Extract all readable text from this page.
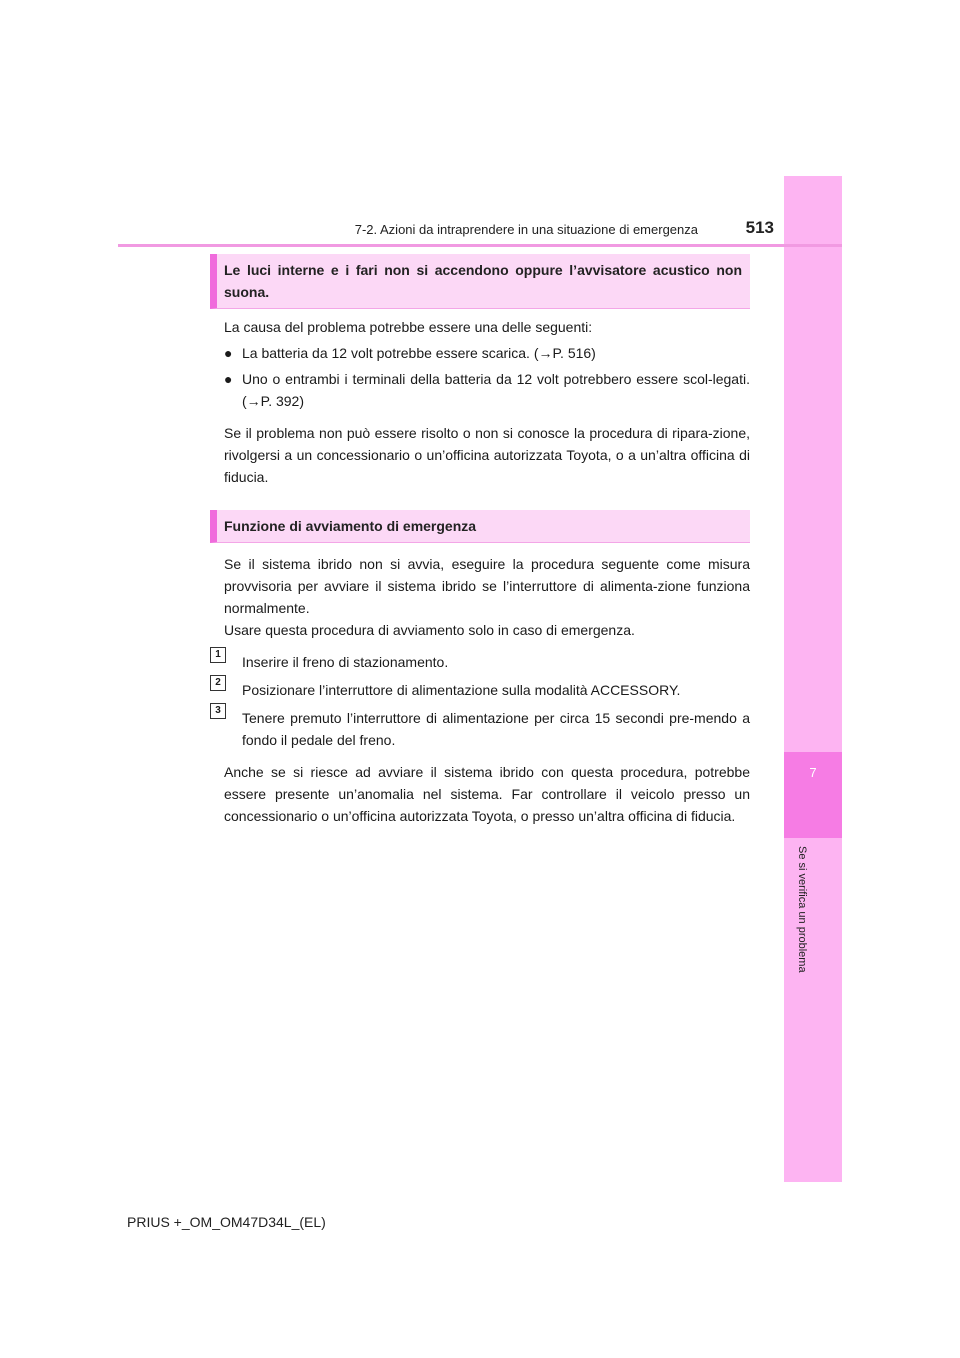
7
Se si verifica un problema
7-2. Azioni da intraprendere in una situazione di emergenza	513
Le luci interne e i fari non si accendono oppure l’avvisatore acustico non suona.

La causa del problema potrebbe essere una delle seguenti:

● La batteria da 12 volt potrebbe essere scarica. (→P. 516)
● Uno o entrambi i terminali della batteria da 12 volt potrebbero essere scol-legati. (→P. 392)

Se il problema non può essere risolto o non si conosce la procedura di ripara-zione, rivolgersi a un concessionario o un’officina autorizzata Toyota, o a un’altra officina di fiducia.

Funzione di avviamento di emergenza

Se il sistema ibrido non si avvia, eseguire la procedura seguente come misura provvisoria per avviare il sistema ibrido se l’interruttore di alimenta-zione funziona normalmente.

Usare questa procedura di avviamento solo in caso di emergenza.

1	Inserire il freno di stazionamento.
2	Posizionare l’interruttore di alimentazione sulla modalità ACCESSORY.
3	Tenere premuto l’interruttore di alimentazione per circa 15 secondi pre-mendo a fondo il pedale del freno.

Anche se si riesce ad avviare il sistema ibrido con questa procedura, potrebbe essere presente un’anomalia nel sistema. Far controllare il veicolo presso un concessionario o un’officina autorizzata Toyota, o presso un’altra officina di fiducia.

PRIUS +_OM_OM47D34L_(EL)
